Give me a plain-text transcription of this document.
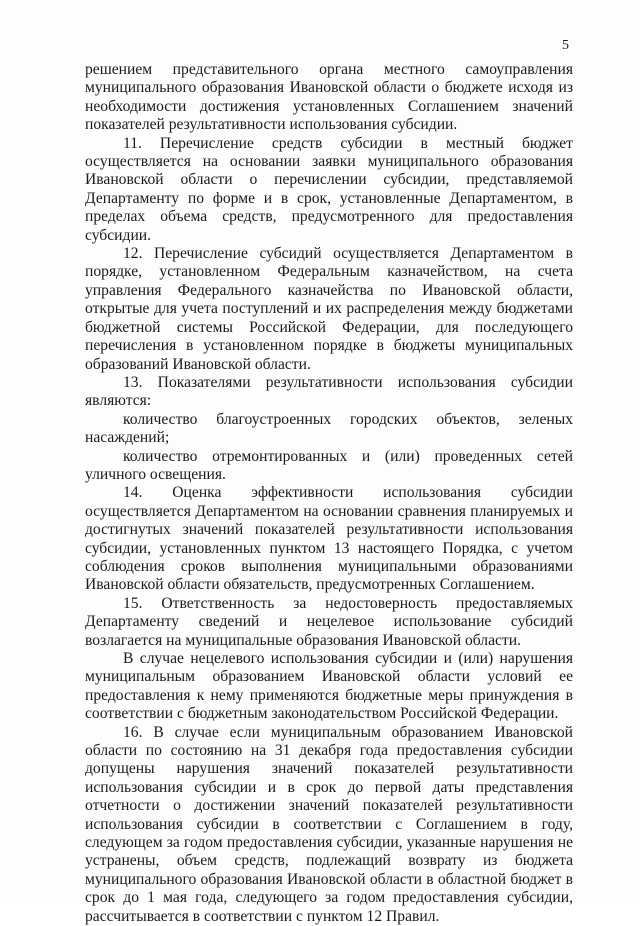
5

решением представительного органа местного самоуправления муниципального образования Ивановской области о бюджете исходя из необходимости достижения установленных Соглашением значений показателей результативности использования субсидии.

11. Перечисление средств субсидии в местный бюджет осуществляется на основании заявки муниципального образования Ивановской области о перечислении субсидии, представляемой Департаменту по форме и в срок, установленные Департаментом, в пределах объема средств, предусмотренного для предоставления субсидии.

12. Перечисление субсидий осуществляется Департаментом в порядке, установленном Федеральным казначейством, на счета управления Федерального казначейства по Ивановской области, открытые для учета поступлений и их распределения между бюджетами бюджетной системы Российской Федерации, для последующего перечисления в установленном порядке в бюджеты муниципальных образований Ивановской области.

13. Показателями результативности использования субсидии являются:

количество благоустроенных городских объектов, зеленых насаждений;

количество отремонтированных и (или) проведенных сетей уличного освещения.

14. Оценка эффективности использования субсидии осуществляется Департаментом на основании сравнения планируемых и достигнутых значений показателей результативности использования субсидии, установленных пунктом 13 настоящего Порядка, с учетом соблюдения сроков выполнения муниципальными образованиями Ивановской области обязательств, предусмотренных Соглашением.

15. Ответственность за недостоверность предоставляемых Департаменту сведений и нецелевое использование субсидий возлагается на муниципальные образования Ивановской области.

В случае нецелевого использования субсидии и (или) нарушения муниципальным образованием Ивановской области условий ее предоставления к нему применяются бюджетные меры принуждения в соответствии с бюджетным законодательством Российской Федерации.

16. В случае если муниципальным образованием Ивановской области по состоянию на 31 декабря года предоставления субсидии допущены нарушения значений показателей результативности использования субсидии и в срок до первой даты представления отчетности о достижении значений показателей результативности использования субсидии в соответствии с Соглашением в году, следующем за годом предоставления субсидии, указанные нарушения не устранены, объем средств, подлежащий возврату из бюджета муниципального образования Ивановской области в областной бюджет в срок до 1 мая года, следующего за годом предоставления субсидии, рассчитывается в соответствии с пунктом 12 Правил.
